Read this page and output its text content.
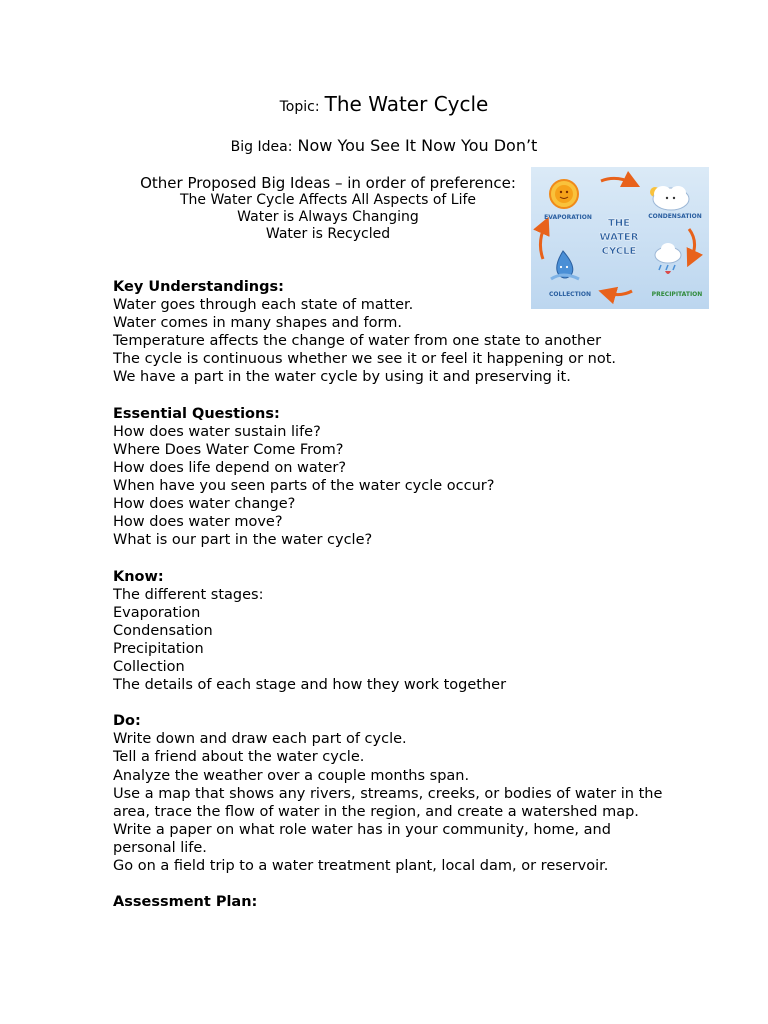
Topic: The Water Cycle
Big Idea: Now You See It Now You Don’t
Other Proposed Big Ideas – in order of preference:
The Water Cycle Affects All Aspects of Life
Water is Always Changing
Water is Recycled
THE
WATER
CYCLE
EVAPORATION	CONDENSATION
PRECIPITATION
COLLECTION
Key Understandings:
Water goes through each state of matter.
Water comes in many shapes and form.
Temperature affects the change of water from one state to another
The cycle is continuous whether we see it or feel it happening or not.
We have a part in the water cycle by using it and preserving it.
Essential Questions:
How does water sustain life?
Where Does Water Come From?
How does life depend on water?
When have you seen parts of the water cycle occur?
How does water change?
How does water move?
What is our part in the water cycle?
Know:
The different stages:
Evaporation
Condensation
Precipitation
Collection
The details of each stage and how they work together
Do:
Write down and draw each part of cycle.
Tell a friend about the water cycle.
Analyze the weather over a couple months span.
Use a map that shows any rivers, streams, creeks, or bodies of water in the area, trace the flow of water in the region, and create a watershed map.
Write a paper on what role water has in your community, home, and personal life.
Go on a field trip to a water treatment plant, local dam, or reservoir.
Assessment Plan:
